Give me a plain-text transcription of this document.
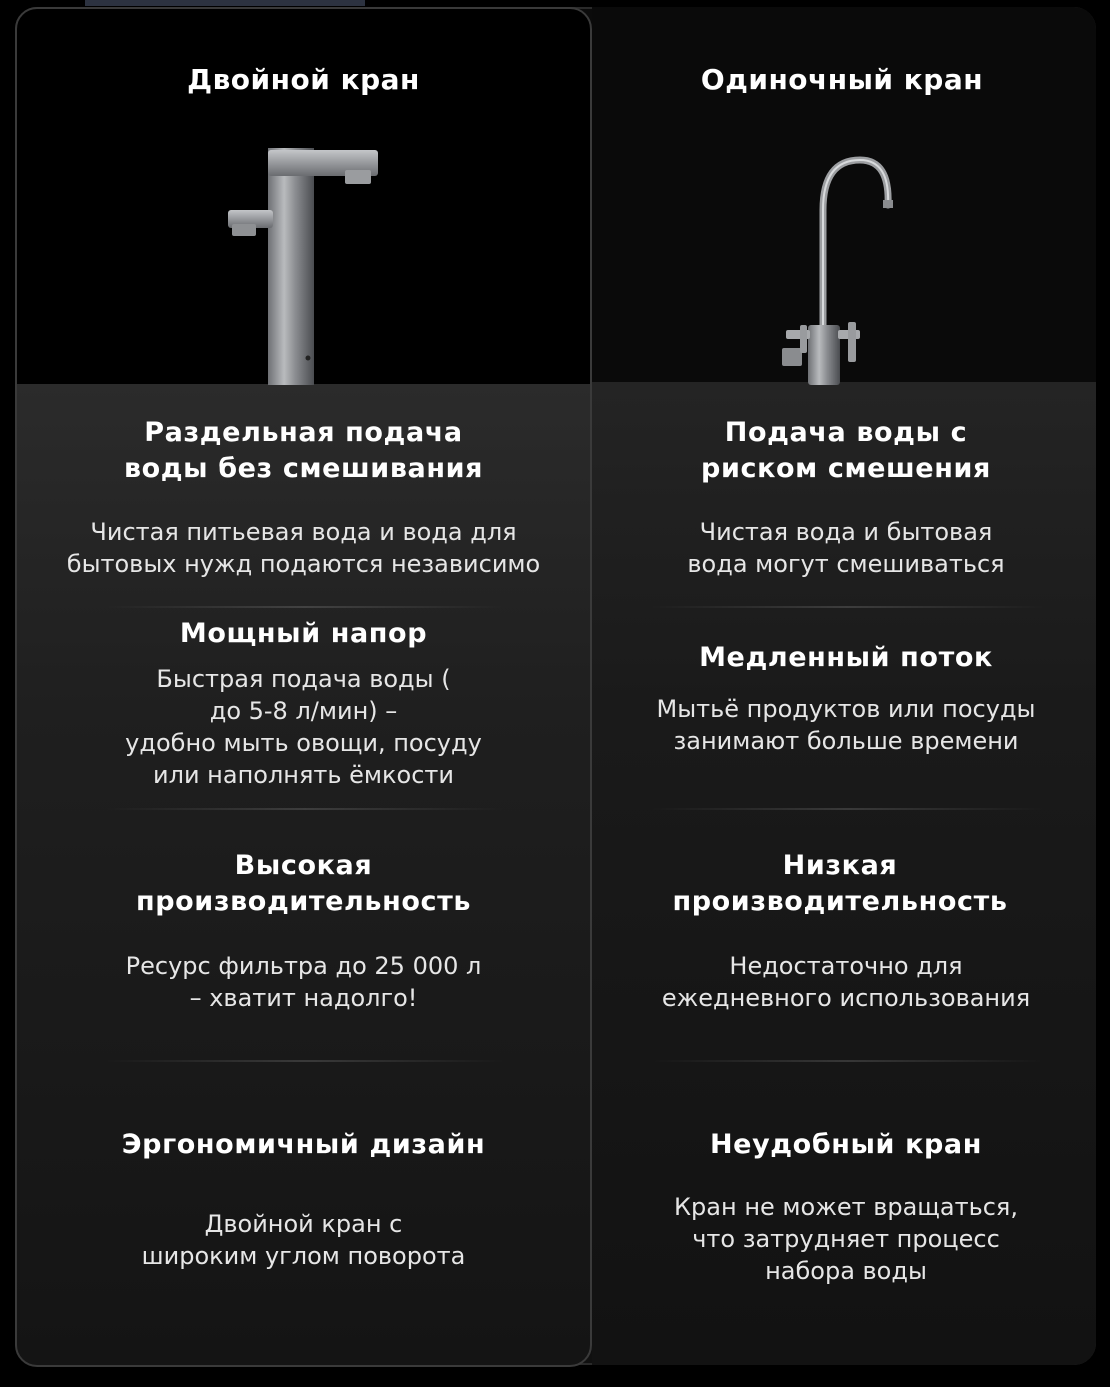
Двойной кран	Одиночный кран
Раздельная подача
воды без смешивания
Чистая питьевая вода и вода для
бытовых нужд подаются независимо
Мощный напор
Быстрая подача воды (
до 5-8 л/мин) –
удобно мыть овощи, посуду
или наполнять ёмкости
Высокая
производительность
Ресурс фильтра до 25 000 л
– хватит надолго!
Эргономичный дизайн
Двойной кран с
широким углом поворота
Подача воды с
риском смешения
Чистая вода и бытовая
вода могут смешиваться
Медленный поток
Мытьё продуктов или посуды
занимают больше времени
Низкая
производительность
Недостаточно для
ежедневного использования
Неудобный кран
Кран не может вращаться,
что затрудняет процесс
набора воды
